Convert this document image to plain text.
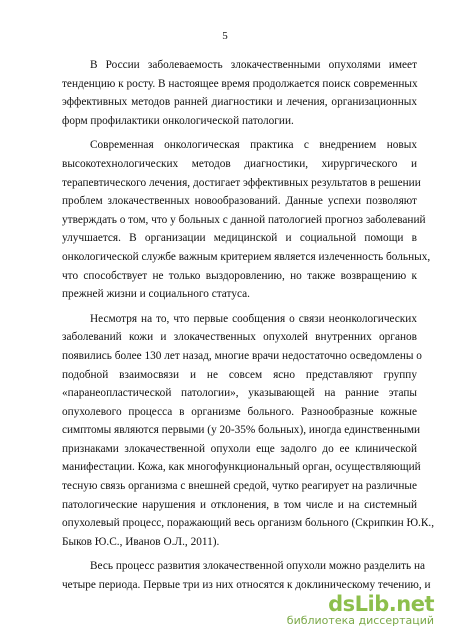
5
В России заболеваемость злокачественными опухолями имеет
тенденцию к росту. В настоящее время продолжается поиск современных
эффективных методов ранней диагностики и лечения, организационных
форм профилактики онкологической патологии.
Современная онкологическая практика с внедрением новых
высокотехнологических методов диагностики, хирургического и
терапевтического лечения, достигает эффективных результатов в решении
проблем злокачественных новообразований. Данные успехи позволяют
утверждать о том, что у больных с данной патологией прогноз заболеваний
улучшается. В организации медицинской и социальной помощи в
онкологической службе важным критерием является излеченность больных,
что способствует не только выздоровлению, но также возвращению к
прежней жизни и социального статуса.
Несмотря на то, что первые сообщения о связи неонкологических
заболеваний кожи и злокачественных опухолей внутренних органов
появились более 130 лет назад, многие врачи недостаточно осведомлены о
подобной взаимосвязи и не совсем ясно представляют группу
«паранеопластической патологии», указывающей на ранние этапы
опухолевого процесса в организме больного. Разнообразные кожные
симптомы являются первыми (у 20-35% больных), иногда единственными
признаками злокачественной опухоли еще задолго до ее клинической
манифестации. Кожа, как многофункциональный орган, осуществляющий
тесную связь организма с внешней средой, чутко реагирует на различные
патологические нарушения и отклонения, в том числе и на системный
опухолевый процесс, поражающий весь организм больного (Скрипкин Ю.К.,
Быков Ю.С., Иванов О.Л., 2011).
Весь процесс развития злокачественной опухоли можно разделить на
четыре периода. Первые три из них относятся к доклиническому течению, и
dsLib.net
библиотека диссертаций
